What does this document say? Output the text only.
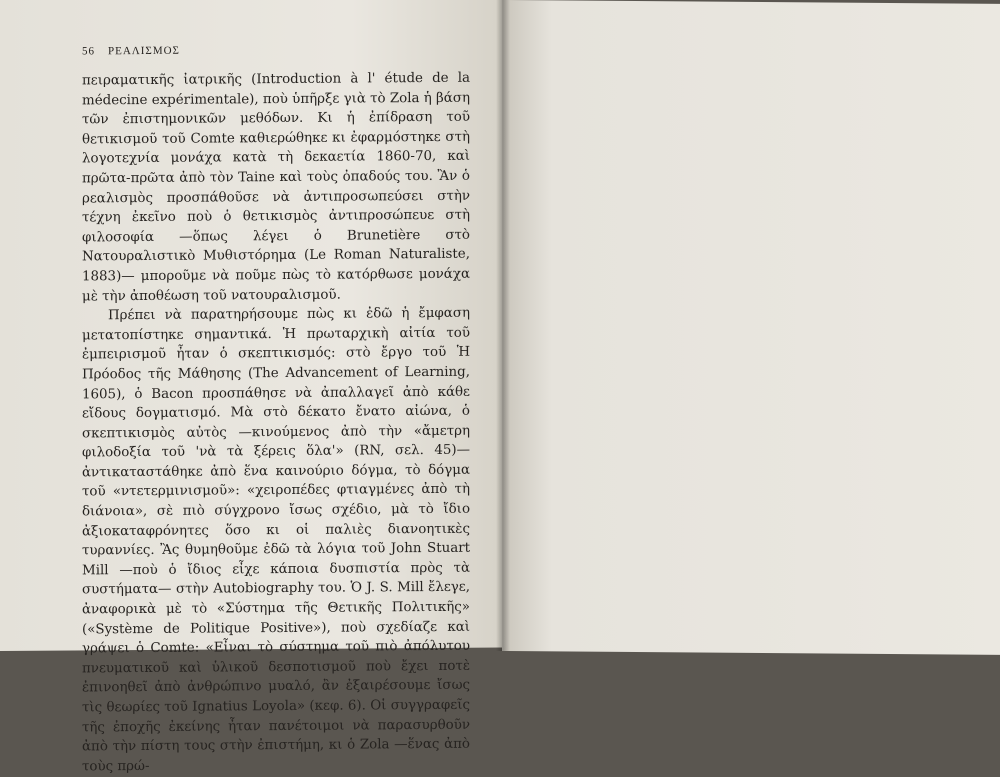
56 ΡΕΑΛΙΣΜΟΣ

πειραματικῆς ἰατρικῆς (Introduction à l' étude de la médecine expérimentale), ποὺ ὑπῆρξε γιὰ τὸ Zola ἡ βάση τῶν ἐπιστημονικῶν μεθόδων. Κι ἡ ἐπίδραση τοῦ θετικισμοῦ τοῦ Comte καθιερώθηκε κι ἐφαρμόστηκε στὴ λογοτεχνία μονάχα κατὰ τὴ δεκαετία 1860-70, καὶ πρῶτα-πρῶτα ἀπὸ τὸν Taine καὶ τοὺς ὀπαδούς του. Ἂν ὁ ρεαλισμὸς προσπάθοῦσε νὰ ἀντιπροσωπεύσει στὴν τέχνη ἐκεῖνο ποὺ ὁ θετικισμὸς ἀντιπροσώπευε στὴ φιλοσοφία —ὅπως λέγει ὁ Brunetière στὸ Νατουραλιστικὸ Μυθιστόρημα (Le Roman Naturaliste, 1883)— μποροῦμε νὰ ποῦμε πὼς τὸ κατόρθωσε μονάχα μὲ τὴν ἀποθέωση τοῦ νατουραλισμοῦ.

Πρέπει νὰ παρατηρήσουμε πὼς κι ἐδῶ ἡ ἔμφαση μετατοπίστηκε σημαντικά. Ἡ πρωταρχικὴ αἰτία τοῦ ἐμπειρισμοῦ ἦταν ὁ σκεπτικισμός: στὸ ἔργο τοῦ Ἡ Πρόοδος τῆς Μάθησης (The Advancement of Learning, 1605), ὁ Bacon προσπάθησε νὰ ἀπαλλαγεῖ ἀπὸ κάθε εἴδους δογματισμό. Μὰ στὸ δέκατο ἔνατο αἰώνα, ὁ σκεπτικισμὸς αὐτὸς —κινούμενος ἀπὸ τὴν «ἄμετρη φιλοδοξία τοῦ 'νὰ τὰ ξέρεις ὅλα'» (RN, σελ. 45)— ἀντικαταστάθηκε ἀπὸ ἕνα καινούριο δόγμα, τὸ δόγμα τοῦ «ντετερμινισμοῦ»: «χειροπέδες φτιαγμένες ἀπὸ τὴ διάνοια», σὲ πιὸ σύγχρονο ἴσως σχέδιο, μὰ τὸ ἴδιο ἀξιοκαταφρόνητες ὅσο κι οἱ παλιὲς διανοητικὲς τυραννίες. Ἂς θυμηθοῦμε ἐδῶ τὰ λόγια τοῦ John Stuart Mill —ποὺ ὁ ἴδιος εἶχε κάποια δυσπιστία πρὸς τὰ συστήματα— στὴν Autobiography του. Ὁ J. S. Mill ἔλεγε, ἀναφορικὰ μὲ τὸ «Σύστημα τῆς Θετικῆς Πολιτικῆς» («Système de Politique Positive»), ποὺ σχεδίαζε καὶ γράψει ὁ Comte: «Εἶναι τὸ σύστημα τοῦ πιὸ ἀπόλυτου πνευματικοῦ καὶ ὑλικοῦ δεσποτισμοῦ ποὺ ἔχει ποτὲ ἐπινοηθεῖ ἀπὸ ἀνθρώπινο μυαλό, ἂν ἐξαιρέσουμε ἴσως τὶς θεωρίες τοῦ Ignatius Loyola» (κεφ. 6). Οἱ συγγραφεῖς τῆς ἐποχῆς ἐκείνης ἦταν πανέτοιμοι νὰ παρασυρθοῦν ἀπὸ τὴν πίστη τους στὴν ἐπιστήμη, κι ὁ Zola —ἕνας ἀπὸ τοὺς πρώ-
